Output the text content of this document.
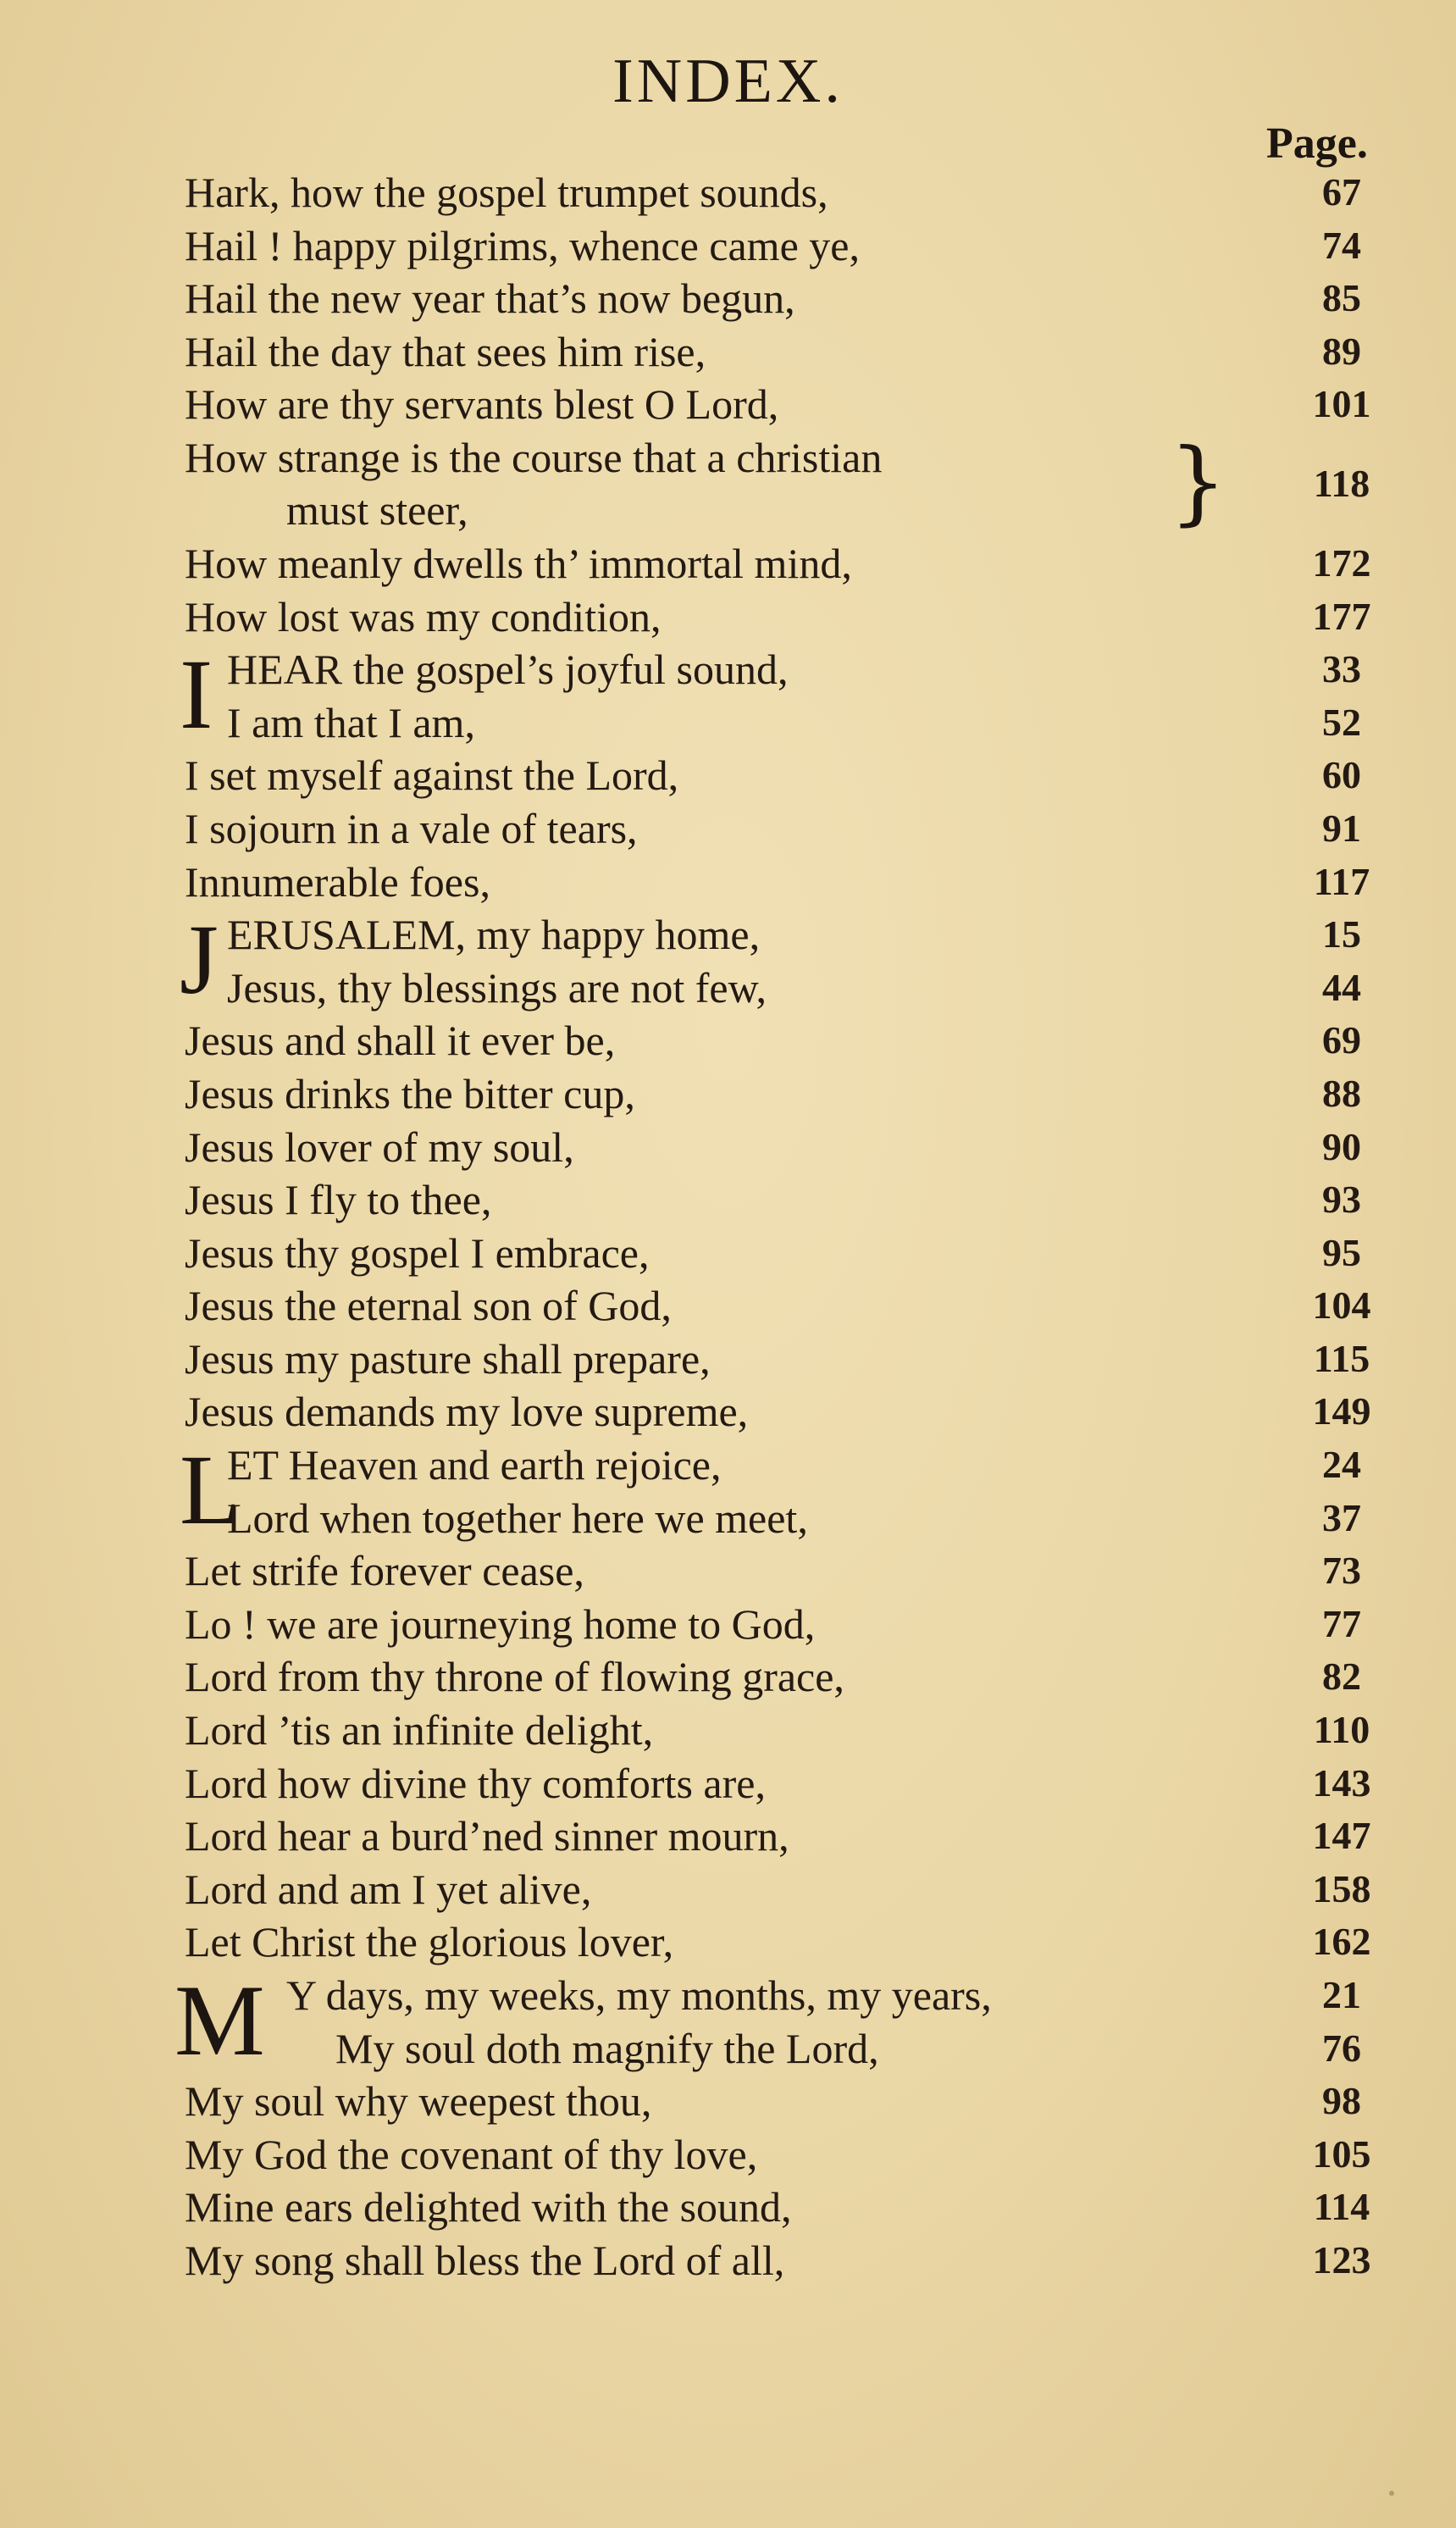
INDEX.
Page.
Hark, how the gospel trumpet sounds,	67
Hail ! happy pilgrims, whence came ye,	74
Hail the new year that’s now begun,	85
Hail the day that sees him rise,	89
How are thy servants blest O Lord,	101
How strange is the course that a christian

must steer,	}	118
How meanly dwells th’ immortal mind,	172
How lost was my condition,	177
I HEAR the gospel’s joyful sound,	33
I am that I am,	52
I set myself against the Lord,	60
I sojourn in a vale of tears,	91
Innumerable foes,	117
J ERUSALEM, my happy home,	15
Jesus, thy blessings are not few,	44
Jesus and shall it ever be,	69
Jesus drinks the bitter cup,	88
Jesus lover of my soul,	90
Jesus I fly to thee,	93
Jesus thy gospel I embrace,	95
Jesus the eternal son of God,	104
Jesus my pasture shall prepare,	115
Jesus demands my love supreme,	149
L
ET Heaven and earth rejoice,	24
Lord when together here we meet,	37
Let strife forever cease,	73
Lo ! we are journeying home to God,	77
Lord from thy throne of flowing grace,	82
Lord ’tis an infinite delight,	110
Lord how divine thy comforts are,	143
Lord hear a burd’ned sinner mourn,	147
Lord and am I yet alive,	158
Let Christ the glorious lover,	162
M Y days, my weeks, my months, my years,	21
My soul doth magnify the Lord,	76
My soul why weepest thou,	98
My God the covenant of thy love,	105
Mine ears delighted with the sound,	114
My song shall bless the Lord of all,	123
